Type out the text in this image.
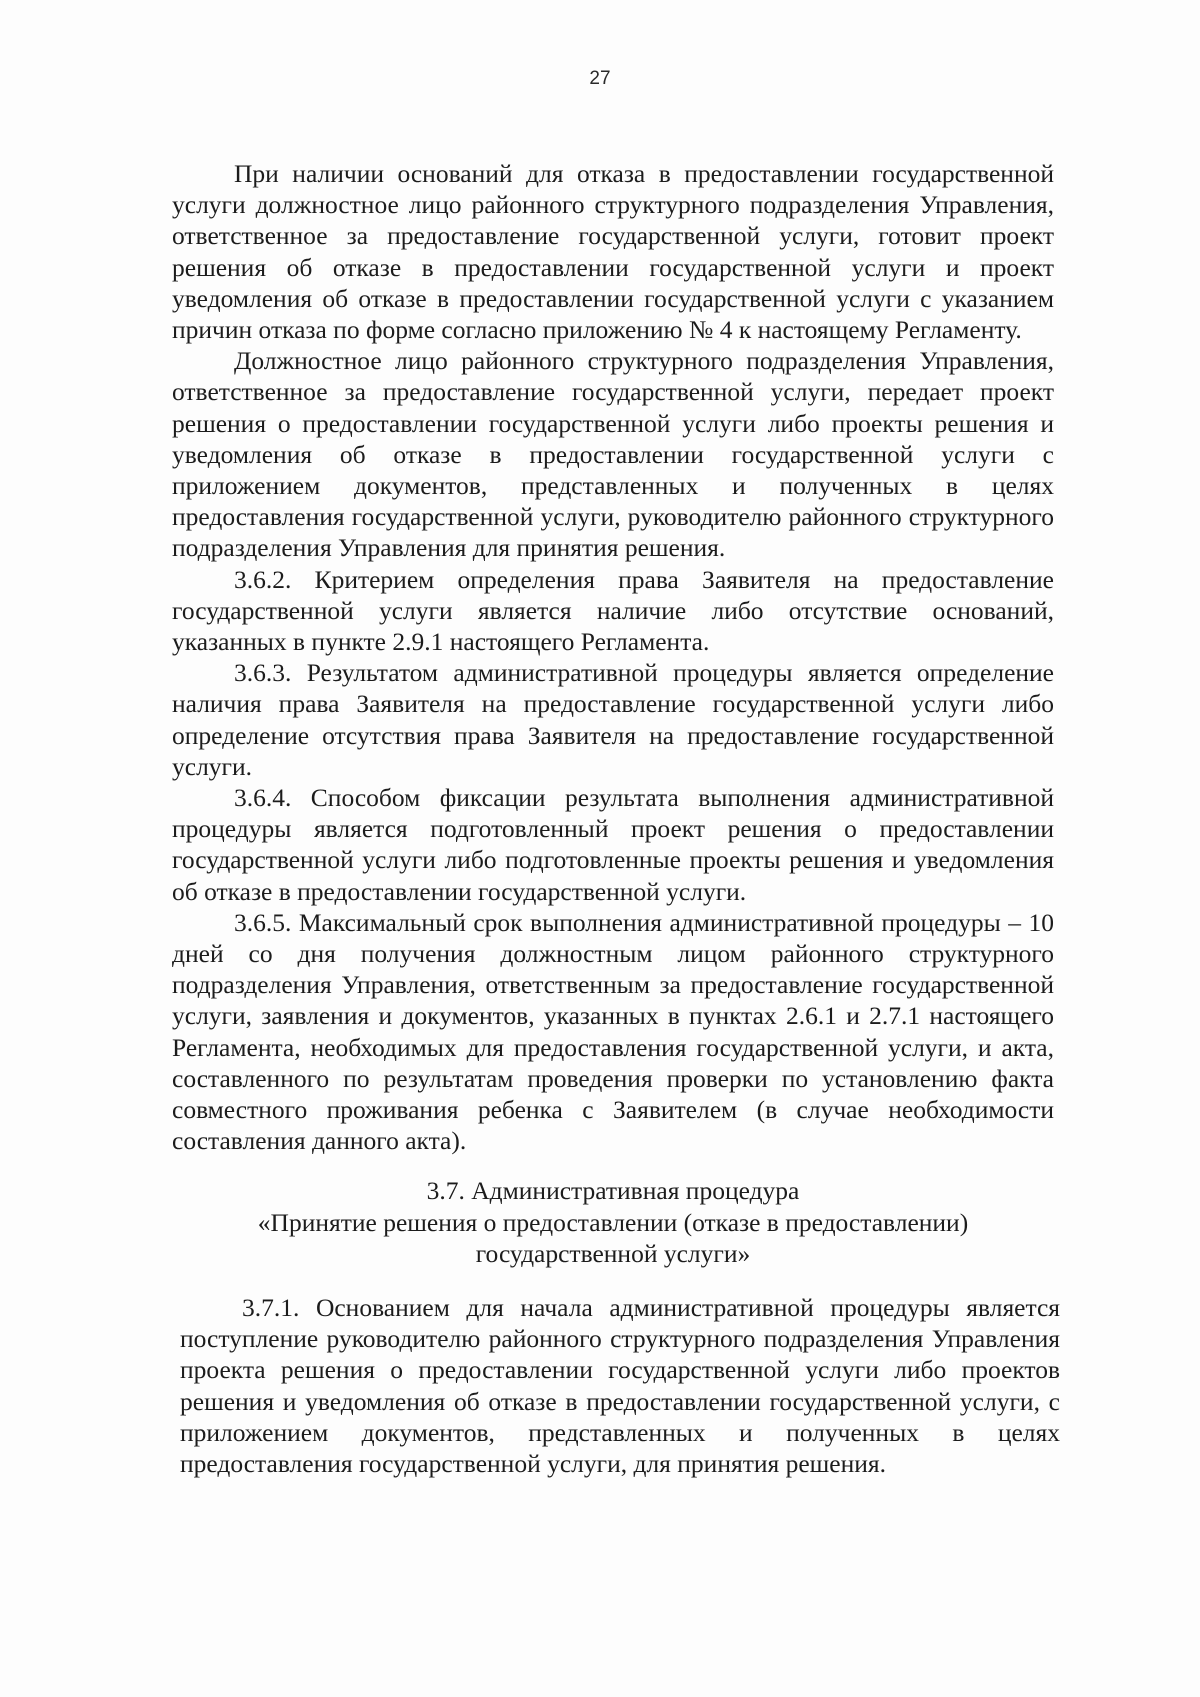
27

При наличии оснований для отказа в предоставлении государственной услуги должностное лицо районного структурного подразделения Управления, ответственное за предоставление государственной услуги, готовит проект решения об отказе в предоставлении государственной услуги и проект уведомления об отказе в предоставлении государственной услуги с указанием причин отказа по форме согласно приложению № 4 к настоящему Регламенту.

Должностное лицо районного структурного подразделения Управления, ответственное за предоставление государственной услуги, передает проект решения о предоставлении государственной услуги либо проекты решения и уведомления об отказе в предоставлении государственной услуги с приложением документов, представленных и полученных в целях предоставления государственной услуги, руководителю районного структурного подразделения Управления для принятия решения.

3.6.2. Критерием определения права Заявителя на предоставление государственной услуги является наличие либо отсутствие оснований, указанных в пункте 2.9.1 настоящего Регламента.

3.6.3. Результатом административной процедуры является определение наличия права Заявителя на предоставление государственной услуги либо определение отсутствия права Заявителя на предоставление государственной услуги.

3.6.4. Способом фиксации результата выполнения административной процедуры является подготовленный проект решения о предоставлении государственной услуги либо подготовленные проекты решения и уведомления об отказе в предоставлении государственной услуги.

3.6.5. Максимальный срок выполнения административной процедуры – 10 дней со дня получения должностным лицом районного структурного подразделения Управления, ответственным за предоставление государственной услуги, заявления и документов, указанных в пунктах 2.6.1 и 2.7.1 настоящего Регламента, необходимых для предоставления государственной услуги, и акта, составленного по результатам проведения проверки по установлению факта совместного проживания ребенка с Заявителем (в случае необходимости составления данного акта).

3.7. Административная процедура
«Принятие решения о предоставлении (отказе в предоставлении)
государственной услуги»

3.7.1. Основанием для начала административной процедуры является поступление руководителю районного структурного подразделения Управления проекта решения о предоставлении государственной услуги либо проектов решения и уведомления об отказе в предоставлении государственной услуги, с приложением документов, представленных и полученных в целях предоставления государственной услуги, для принятия решения.
